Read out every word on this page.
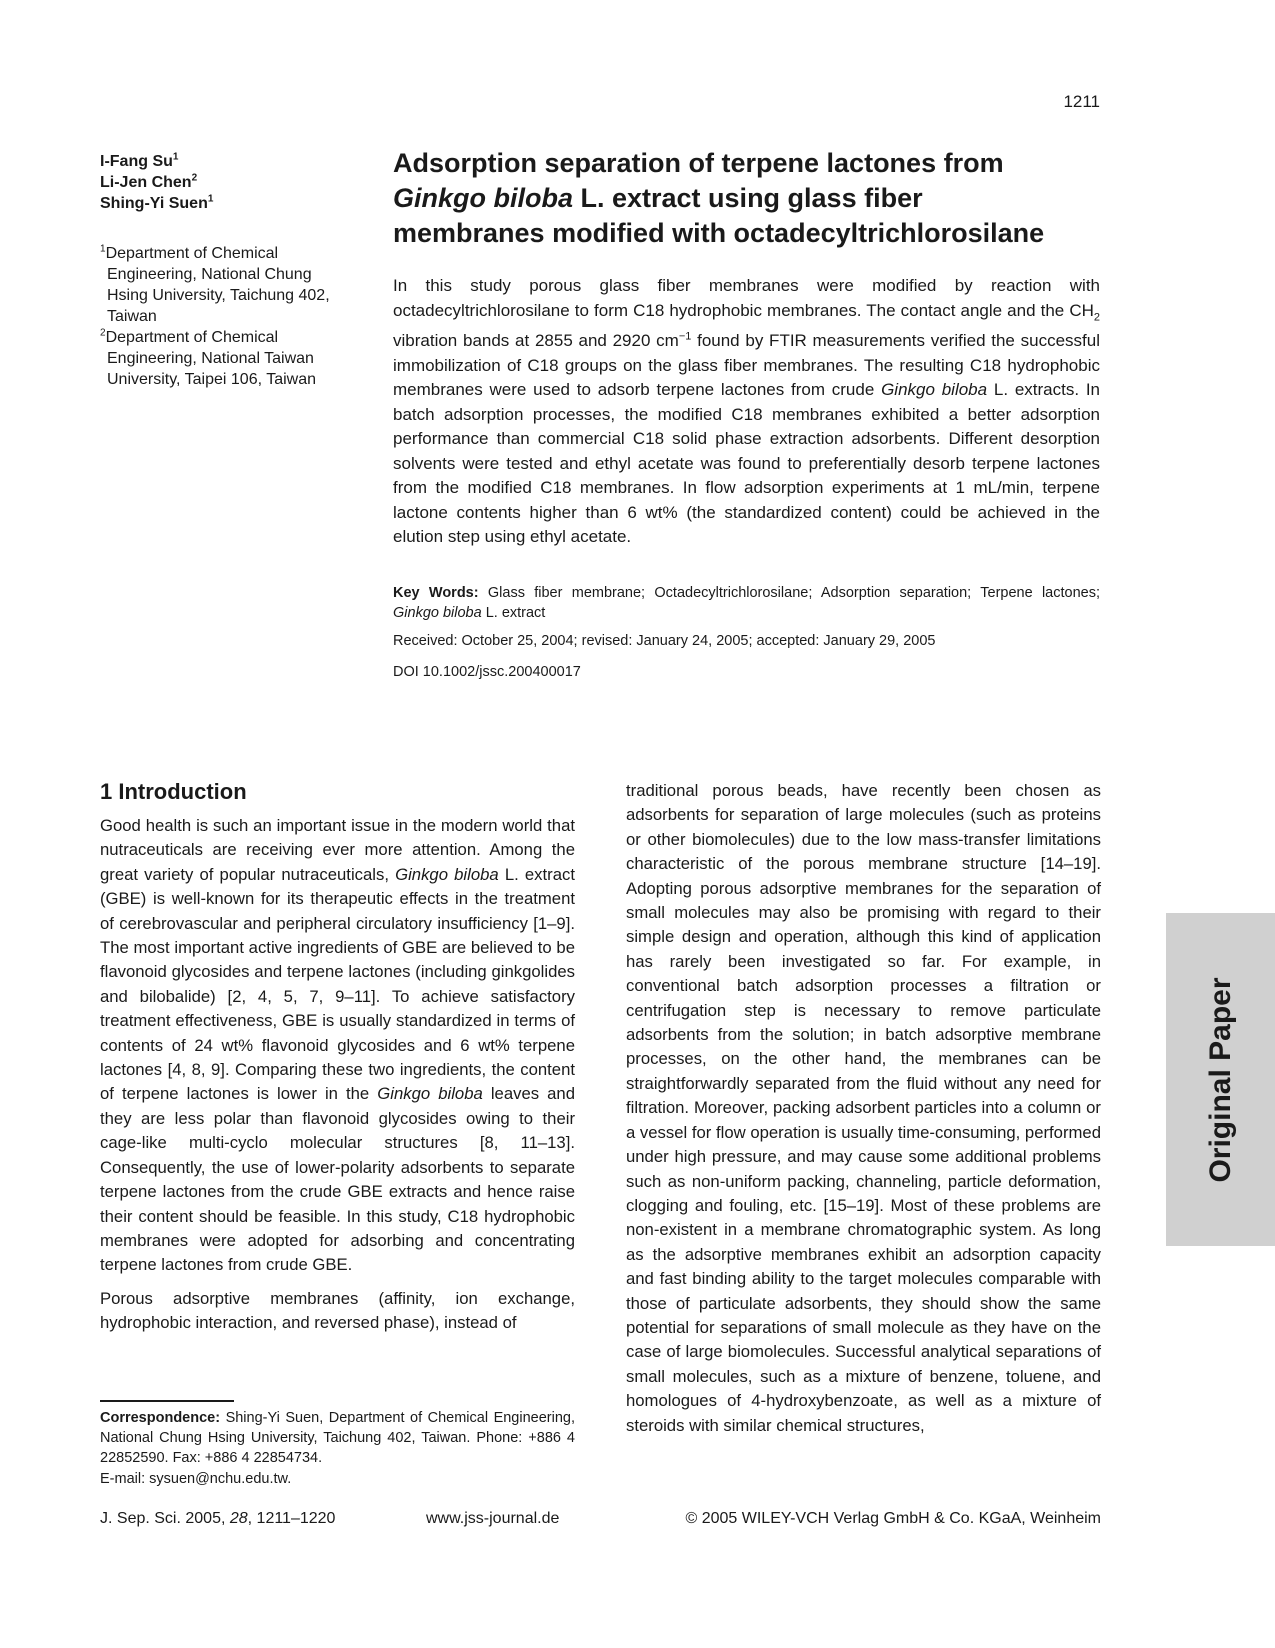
1211
I-Fang Su$^1$
Li-Jen Chen$^2$
Shing-Yi Suen$^1$
$^1$Department of Chemical
Engineering, National Chung
Hsing University, Taichung 402,
Taiwan
$^2$Department of Chemical
Engineering, National Taiwan
University, Taipei 106, Taiwan
Adsorption separation of terpene lactones from
Ginkgo biloba L. extract using glass fiber
membranes modified with octadecyltrichlorosilane

In this study porous glass fiber membranes were modified by reaction with octadecyltrichlorosilane to form C18 hydrophobic membranes. The contact angle and the $CH_2$ vibration bands at 2855 and 2920 $cm^{-1}$ found by FTIR measurements verified the successful immobilization of C18 groups on the glass fiber membranes. The resulting C18 hydrophobic membranes were used to adsorb terpene lactones from crude Ginkgo biloba L. extracts. In batch adsorption processes, the modified C18 membranes exhibited a better adsorption performance than commercial C18 solid phase extraction adsorbents. Different desorption solvents were tested and ethyl acetate was found to preferentially desorb terpene lactones from the modified C18 membranes. In flow adsorption experiments at 1 mL/min, terpene lactone contents higher than 6 wt% (the standardized content) could be achieved in the elution step using ethyl acetate.

Key Words: Glass fiber membrane; Octadecyltrichlorosilane; Adsorption separation; Terpene lactones; Ginkgo biloba L. extract

Received: October 25, 2004; revised: January 24, 2005; accepted: January 29, 2005

DOI 10.1002/jssc.200400017

1 Introduction

Good health is such an important issue in the modern world that nutraceuticals are receiving ever more attention. Among the great variety of popular nutraceuticals, Ginkgo biloba L. extract (GBE) is well-known for its therapeutic effects in the treatment of cerebrovascular and peripheral circulatory insufficiency [1–9]. The most important active ingredients of GBE are believed to be flavonoid glycosides and terpene lactones (including ginkgolides and bilobalide) [2, 4, 5, 7, 9–11]. To achieve satisfactory treatment effectiveness, GBE is usually standardized in terms of contents of 24 wt% flavonoid glycosides and 6 wt% terpene lactones [4, 8, 9]. Comparing these two ingredients, the content of terpene lactones is lower in the Ginkgo biloba leaves and they are less polar than flavonoid glycosides owing to their cage-like multi-cyclo molecular structures [8, 11–13]. Consequently, the use of lower-polarity adsorbents to separate terpene lactones from the crude GBE extracts and hence raise their content should be feasible. In this study, C18 hydrophobic membranes were adopted for adsorbing and concentrating terpene lactones from crude GBE.

Porous adsorptive membranes (affinity, ion exchange, hydrophobic interaction, and reversed phase), instead of

traditional porous beads, have recently been chosen as adsorbents for separation of large molecules (such as proteins or other biomolecules) due to the low mass-transfer limitations characteristic of the porous membrane structure [14–19]. Adopting porous adsorptive membranes for the separation of small molecules may also be promising with regard to their simple design and operation, although this kind of application has rarely been investigated so far. For example, in conventional batch adsorption processes a filtration or centrifugation step is necessary to remove particulate adsorbents from the solution; in batch adsorptive membrane processes, on the other hand, the membranes can be straightforwardly separated from the fluid without any need for filtration. Moreover, packing adsorbent particles into a column or a vessel for flow operation is usually time-consuming, performed under high pressure, and may cause some additional problems such as non-uniform packing, channeling, particle deformation, clogging and fouling, etc. [15–19]. Most of these problems are non-existent in a membrane chromatographic system. As long as the adsorptive membranes exhibit an adsorption capacity and fast binding ability to the target molecules comparable with those of particulate adsorbents, they should show the same potential for separations of small molecule as they have on the case of large biomolecules. Successful analytical separations of small molecules, such as a mixture of benzene, toluene, and homologues of 4-hydroxybenzoate, as well as a mixture of steroids with similar chemical structures,

Correspondence: Shing-Yi Suen, Department of Chemical Engineering, National Chung Hsing University, Taichung 402, Taiwan. Phone: +886 4 22852590. Fax: +886 4 22854734.
E-mail: sysuen@nchu.edu.tw.
J. Sep. Sci. 2005, 28, 1211–1220	www.jss-journal.de	© 2005 WILEY-VCH Verlag GmbH & Co. KGaA, Weinheim
Original Paper
